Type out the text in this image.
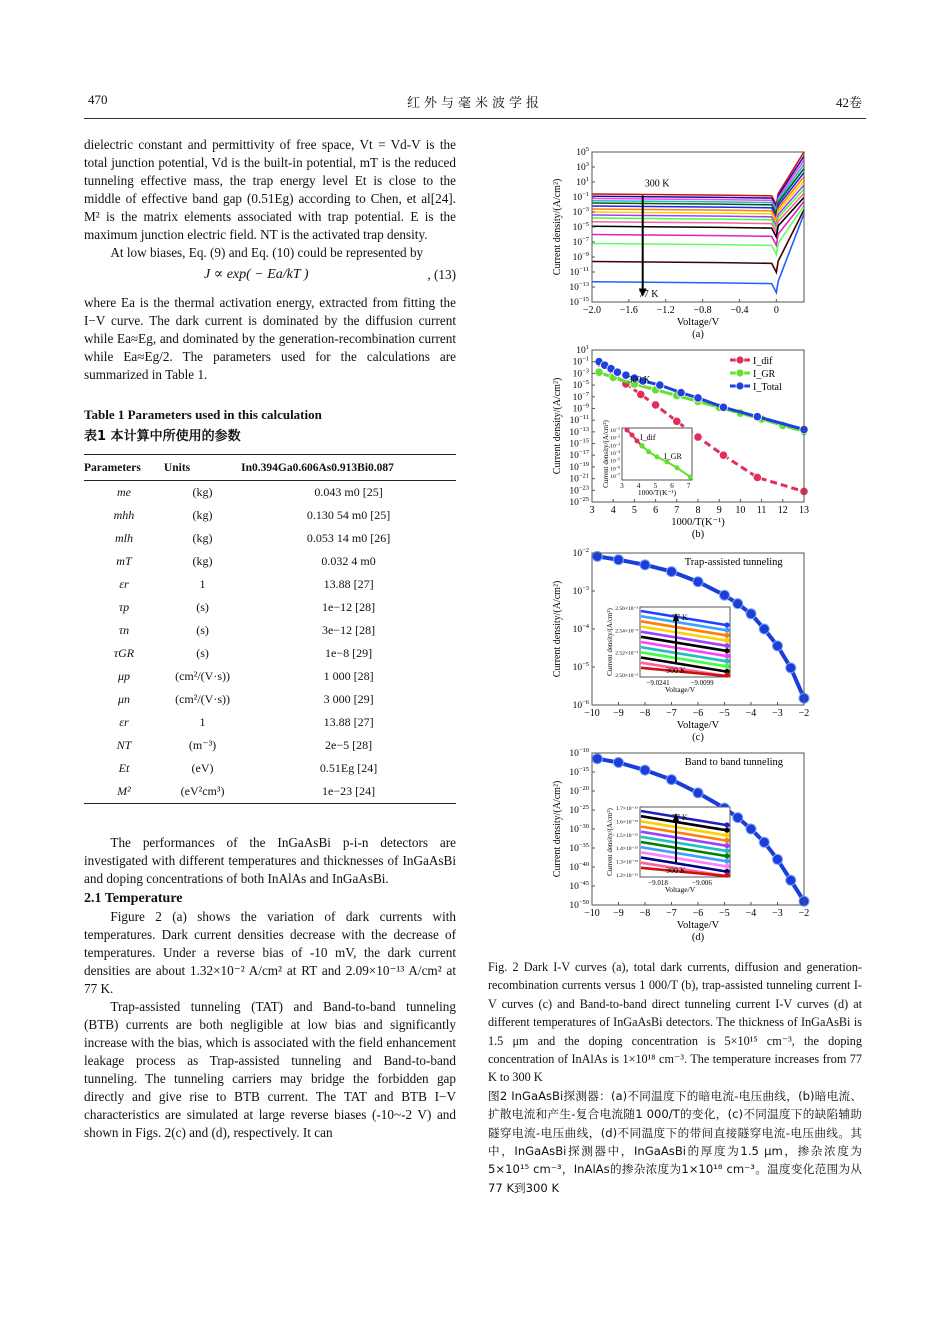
470	红外与毫米波学报	42卷

dielectric constant and permittivity of free space, Vt = Vd-V is the total junction potential, Vd is the built-in potential, mT is the reduced tunneling effective mass, the trap energy level Et is close to the middle of effective band gap (0.51Eg) according to Chen, et al[24]. M² is the matrix elements associated with trap potential. E is the maximum junction electric field. NT is the activated trap density.

At low biases, Eq. (9) and Eq. (10) could be represented by

J ∝ exp( − Ea/kT )	, (13)

where Ea is the thermal activation energy, extracted from fitting the I−V curve. The dark current is dominated by the diffusion current while Ea≈Eg, and dominated by the generation-recombination current while Ea≈Eg/2. The parameters used for the calculations are summarized in Table 1.

Table 1 Parameters used in this calculation
表1 本计算中所使用的参数
Parameters	Units	In0.394Ga0.606As0.913Bi0.087
me	(kg)	0.043 m0 [25]
mhh	(kg)	0.130 54 m0 [25]
mlh	(kg)	0.053 14 m0 [26]
mT	(kg)	0.032 4 m0
εr	1	13.88 [27]
τp	(s)	1e−12 [28]
τn	(s)	3e−12 [28]
τGR	(s)	1e−8 [29]
μp	(cm²/(V·s))	1 000 [28]
μn	(cm²/(V·s))	3 000 [29]
εr	1	13.88 [27]
NT	(m⁻³)	2e−5 [28]
Et	(eV)	0.51Eg [24]
M²	(eV²cm³)	1e−23 [24]

The performances of the InGaAsBi p-i-n detectors are investigated with different temperatures and thicknesses of InGaAsBi and doping concentrations of both InAlAs and InGaAsBi.

2.1 Temperature

Figure 2 (a) shows the variation of dark currents with temperatures. Dark current densities decrease with the decrease of temperatures. Under a reverse bias of -10 mV, the dark current densities are about 1.32×10⁻² A/cm² at RT and 2.09×10⁻¹³ A/cm² at 77 K.

Trap-assisted tunneling (TAT) and Band-to-band tunneling (BTB) currents are both negligible at low bias and significantly increase with the bias, which is associated with the field enhancement leakage process as Trap-assisted tunneling and Band-to-band tunneling. The tunneling carriers may bridge the forbidden gap directly and give rise to BTB current. The TAT and BTB I−V characteristics are simulated at large reverse biases (-10~-2 V) and shown in Figs. 2(c) and (d), respectively. It can

−2.0 −1.6 −1.2 −0.8 −0.4	0
$10^5$
$10^3$
$10^1$
$10^{-1}$
$10^{-3}$
$10^{-5}$
$10^{-7}$
$10^{-9}$
$10^{-11}$
$10^{-13}$
$10^{-15}$
Voltage/V
(a)
Current density/(A/cm²)	300 K
77 K
3 4 5 6 7 8 9 10 11 12 13
$10^1$
$10^{-1}$
$10^{-3}$
$10^{-5}$
$10^{-7}$
$10^{-9}$
$10^{-11}$
$10^{-13}$
$10^{-15}$
$10^{-17}$
$10^{-19}$
$10^{-21}$
$10^{-23}$
$10^{-25}$
1000/T(K⁻¹)
(b)
Current density/(A/cm²)	300 K
I_dif
I_GR
I_Total
I_dif
I_GR
3 4 5 6 7
1000/T(K⁻¹)
$10^{-1}$
$10^{-2}$
$10^{-3}$
$10^{-4}$
$10^{-5}$
$10^{-6}$
$10^{-7}$
Current density/(A/cm²)
−10 −9 −8 −7 −6 −5 −4 −3 −2
$10^{-2}$
$10^{-3}$
$10^{-4}$
$10^{-5}$
$10^{-6}$
Voltage/V
(c)
Current density/(A/cm²)
Trap-assisted tunneling
77 K
300 K
−9.0241	−9.0099
Voltage/V
2.56×10⁻²
2.54×10⁻²
2.52×10⁻²
2.50×10⁻²
Current density/(A/cm²)
−10 −9 −8 −7 −6 −5 −4 −3 −2
$10^{-10}$
$10^{-15}$
$10^{-20}$
$10^{-25}$
$10^{-30}$
$10^{-35}$
$10^{-40}$
$10^{-45}$
$10^{-50}$
Voltage/V
(d)
Current density/(A/cm²)
Band to band tunneling
77 K
300 K
−9.018	−9.006
Voltage/V
1.7×10⁻¹⁵
1.6×10⁻¹⁵
1.5×10⁻¹⁵
1.4×10⁻¹⁵
1.3×10⁻¹⁵
1.2×10⁻¹⁵
Current density/(A/cm²)

Fig. 2 Dark I-V curves (a), total dark currents, diffusion and generation-recombination currents versus 1 000/T (b), trap-assisted tunneling current I-V curves (c) and Band-to-band direct tunneling current I-V curves (d) at different temperatures of InGaAsBi detectors. The thickness of InGaAsBi is 1.5 μm and the doping concentration is 5×10¹⁵ cm⁻³, the doping concentration of InAlAs is 1×10¹⁸ cm⁻³. The temperature increases from 77 K to 300 K

图2 InGaAsBi探测器：(a)不同温度下的暗电流-电压曲线，(b)暗电流、扩散电流和产生-复合电流随1 000/T的变化，(c)不同温度下的缺陷辅助隧穿电流-电压曲线，(d)不同温度下的带间直接隧穿电流-电压曲线。其中，InGaAsBi探测器中，InGaAsBi的厚度为1.5 μm，掺杂浓度为5×10¹⁵ cm⁻³，InAlAs的掺杂浓度为1×10¹⁸ cm⁻³。温度变化范围为从77 K到300 K
